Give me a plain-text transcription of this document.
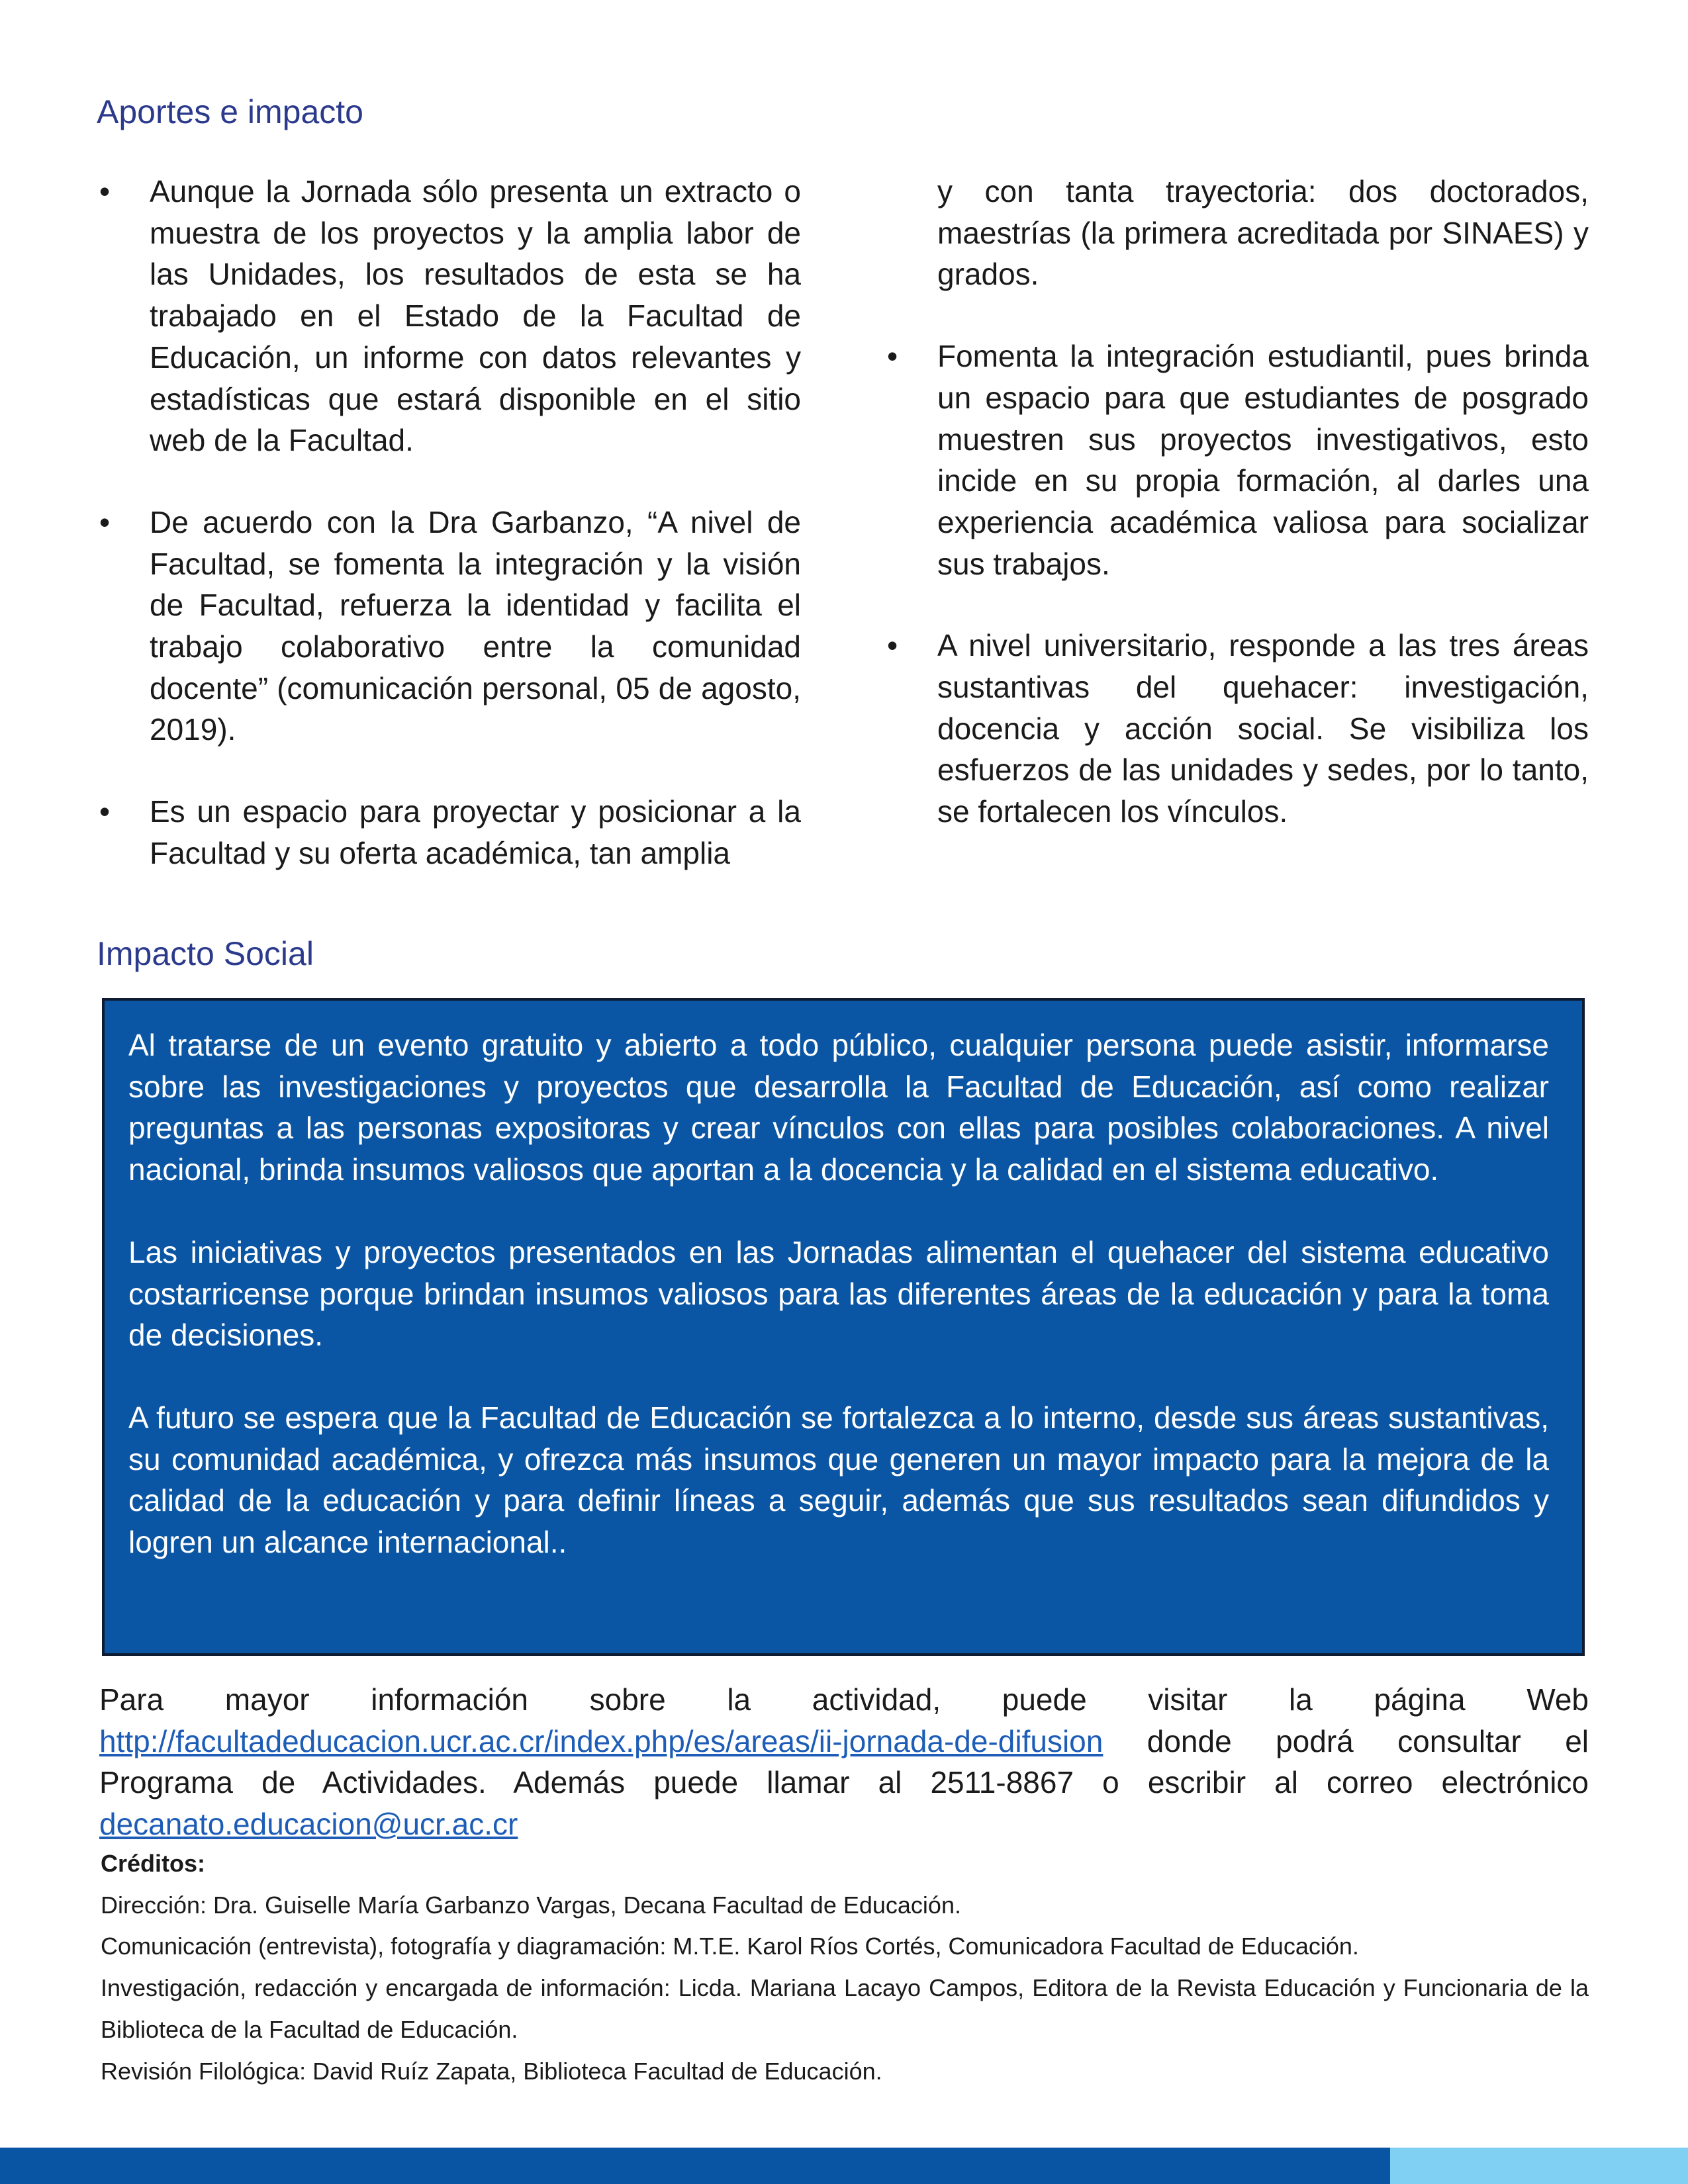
Aportes e impacto
• Aunque la Jornada sólo presenta un extracto o muestra de los proyectos y la amplia labor de las Unidades, los resultados de esta se ha trabajado en el Estado de la Facultad de Educación, un informe con datos relevantes y estadísticas que estará disponible en el sitio web de la Facultad.
• De acuerdo con la Dra Garbanzo, “A nivel de Facultad, se fomenta la integración y la visión de Facultad, refuerza la identidad y facilita el trabajo colaborativo entre la comunidad docente” (comunicación personal, 05 de agosto, 2019).
• Es un espacio para proyectar y posicionar a la Facultad y su oferta académica, tan amplia
y con tanta trayectoria: dos doctorados, maestrías (la primera acreditada por SINAES) y grados.
• Fomenta la integración estudiantil, pues brinda un espacio para que estudiantes de posgrado muestren sus proyectos investigativos, esto incide en su propia formación, al darles una experiencia académica valiosa para socializar sus trabajos.
• A nivel universitario, responde a las tres áreas sustantivas del quehacer: investigación, docencia y acción social. Se visibiliza los esfuerzos de las unidades y sedes, por lo tanto, se fortalecen los vínculos.
Impacto Social

Al tratarse de un evento gratuito y abierto a todo público, cualquier persona puede asistir, informarse sobre las investigaciones y proyectos que desarrolla la Facultad de Educación, así como realizar preguntas a las personas expositoras y crear vínculos con ellas para posibles colaboraciones. A nivel nacional, brinda insumos valiosos que aportan a la docencia y la calidad en el sistema educativo.

Las iniciativas y proyectos presentados en las Jornadas alimentan el quehacer del sistema educativo costarricense porque brindan insumos valiosos para las diferentes áreas de la educación y para la toma de decisiones.

A futuro se espera que la Facultad de Educación se fortalezca a lo interno, desde sus áreas sustantivas, su comunidad académica, y ofrezca más insumos que generen un mayor impacto para la mejora de la calidad de la educación y para definir líneas a seguir, además que sus resultados sean difundidos y logren un alcance internacional..

Para mayor información sobre la actividad, puede visitar la página Web http://facultadeducacion.ucr.ac.cr/index.php/es/areas/ii-jornada-de-difusion donde podrá consultar el Programa de Actividades. Además puede llamar al 2511-8867 o escribir al correo electrónico decanato.educacion@ucr.ac.cr

Créditos:

Dirección: Dra. Guiselle María Garbanzo Vargas, Decana Facultad de Educación.

Comunicación (entrevista), fotografía y diagramación: M.T.E. Karol Ríos Cortés, Comunicadora Facultad de Educación.

Investigación, redacción y encargada de información: Licda. Mariana Lacayo Campos, Editora de la Revista Educación y Funcionaria de la Biblioteca de la Facultad de Educación.

Revisión Filológica: David Ruíz Zapata, Biblioteca Facultad de Educación.
